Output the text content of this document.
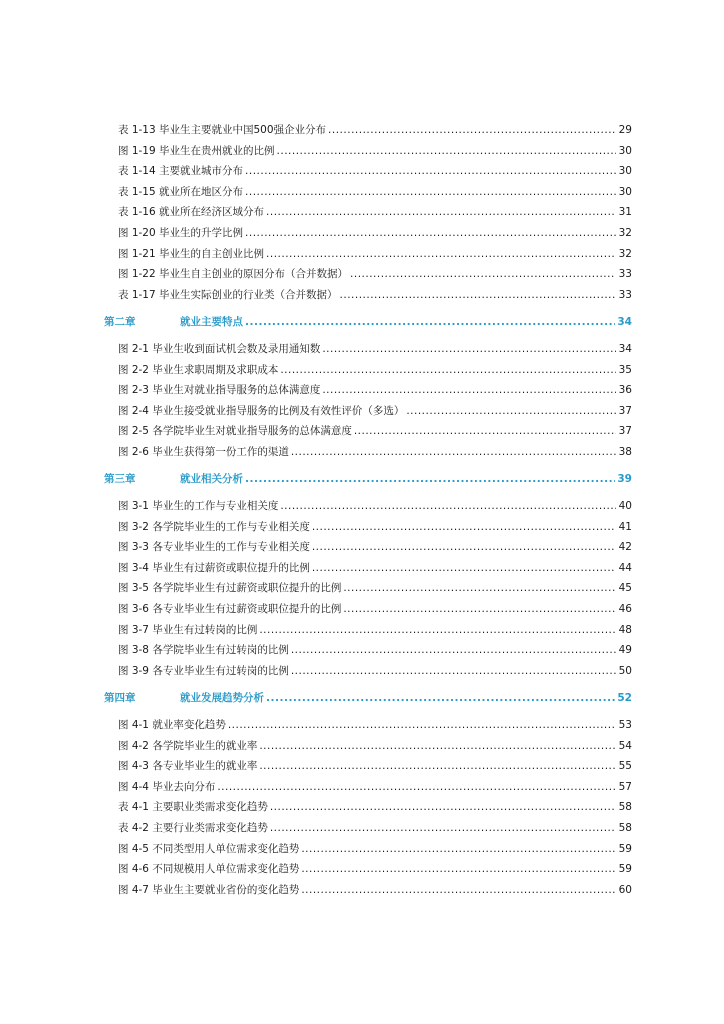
表 1-13 毕业生主要就业中国500强企业分布 .....	29
图 1-19 毕业生在贵州就业的比例 .....	30
表 1-14 主要就业城市分布 .....	30
表 1-15 就业所在地区分布 .....	30
表 1-16 就业所在经济区域分布 .....	31
图 1-20 毕业生的升学比例 .....	32
图 1-21 毕业生的自主创业比例 .....	32
图 1-22 毕业生自主创业的原因分布（合并数据） .....	33
表 1-17 毕业生实际创业的行业类（合并数据） .....	33
第二章	就业主要特点 .....	34
图 2-1 毕业生收到面试机会数及录用通知数 .....	34
图 2-2 毕业生求职周期及求职成本 .....	35
图 2-3 毕业生对就业指导服务的总体满意度 .....	36
图 2-4 毕业生接受就业指导服务的比例及有效性评价（多选） .....	37
图 2-5 各学院毕业生对就业指导服务的总体满意度 .....	37
图 2-6 毕业生获得第一份工作的渠道 .....	38
第三章	就业相关分析 .....	39
图 3-1 毕业生的工作与专业相关度 .....	40
图 3-2 各学院毕业生的工作与专业相关度 .....	41
图 3-3 各专业毕业生的工作与专业相关度 .....	42
图 3-4 毕业生有过薪资或职位提升的比例 .....	44
图 3-5 各学院毕业生有过薪资或职位提升的比例 .....	45
图 3-6 各专业毕业生有过薪资或职位提升的比例 .....	46
图 3-7 毕业生有过转岗的比例 .....	48
图 3-8 各学院毕业生有过转岗的比例 .....	49
图 3-9 各专业毕业生有过转岗的比例 .....	50
第四章	就业发展趋势分析 .....	52
图 4-1 就业率变化趋势 .....	53
图 4-2 各学院毕业生的就业率 .....	54
图 4-3 各专业毕业生的就业率 .....	55
图 4-4 毕业去向分布 .....	57
表 4-1 主要职业类需求变化趋势 .....	58
表 4-2 主要行业类需求变化趋势 .....	58
图 4-5 不同类型用人单位需求变化趋势 .....	59
图 4-6 不同规模用人单位需求变化趋势 .....	59
图 4-7 毕业生主要就业省份的变化趋势 .....	60
